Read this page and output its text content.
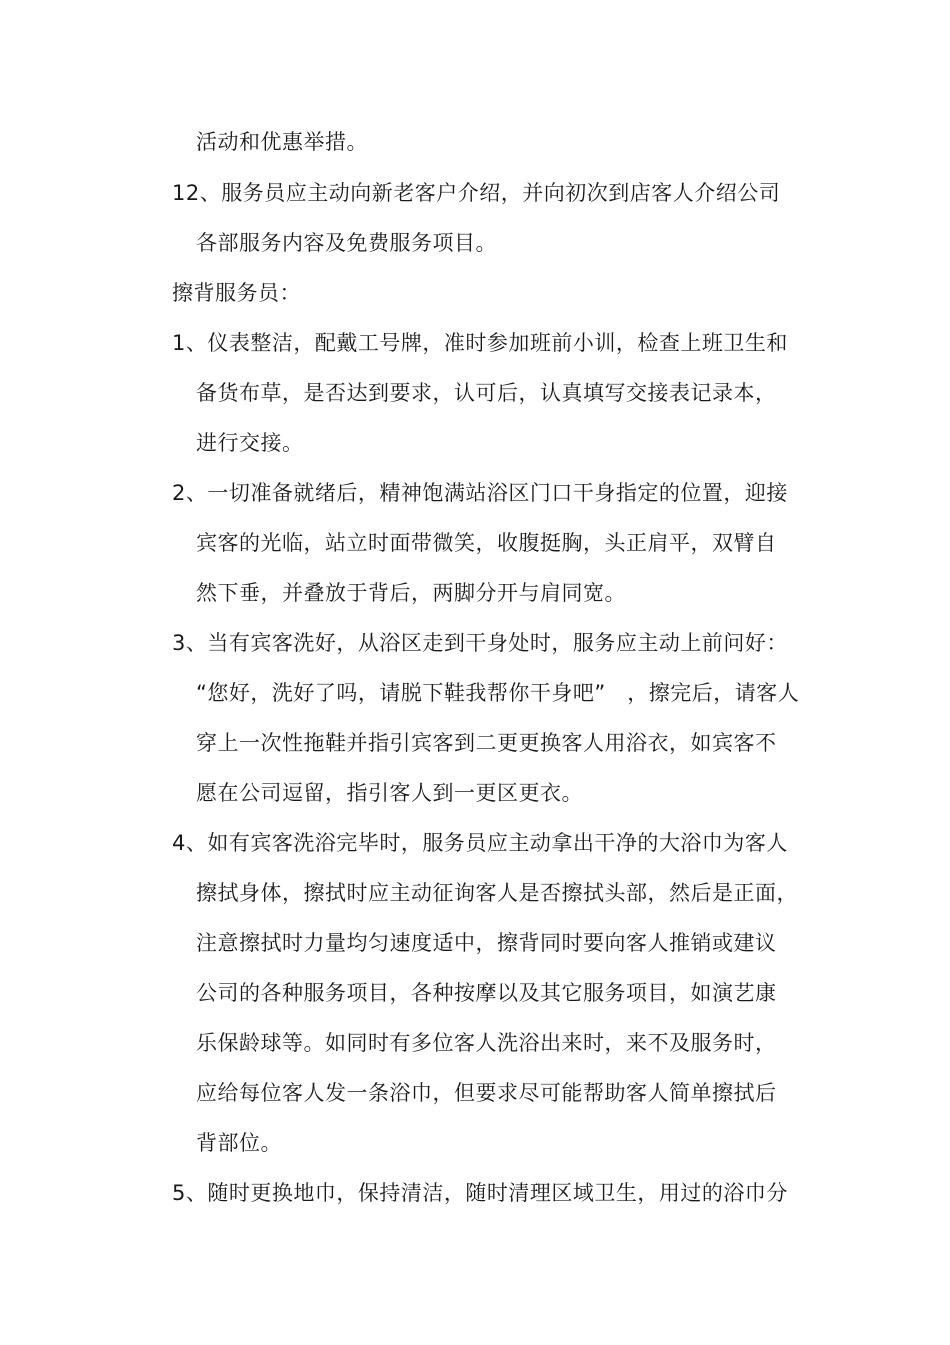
活动和优惠举措。
12、服务员应主动向新老客户介绍，并向初次到店客人介绍公司
各部服务内容及免费服务项目。
擦背服务员：
1、仪表整洁，配戴工号牌，准时参加班前小训，检查上班卫生和
备货布草，是否达到要求，认可后，认真填写交接表记录本，
进行交接。
2、一切准备就绪后，精神饱满站浴区门口干身指定的位置，迎接
宾客的光临，站立时面带微笑，收腹挺胸，头正肩平，双臂自
然下垂，并叠放于背后，两脚分开与肩同宽。
3、当有宾客洗好，从浴区走到干身处时，服务应主动上前问好：
“您好，洗好了吗，请脱下鞋我帮你干身吧”　，擦完后，请客人
穿上一次性拖鞋并指引宾客到二更更换客人用浴衣，如宾客不
愿在公司逗留，指引客人到一更区更衣。
4、如有宾客洗浴完毕时，服务员应主动拿出干净的大浴巾为客人
擦拭身体，擦拭时应主动征询客人是否擦拭头部，然后是正面，
注意擦拭时力量均匀速度适中，擦背同时要向客人推销或建议
公司的各种服务项目，各种按摩以及其它服务项目，如演艺康
乐保龄球等。如同时有多位客人洗浴出来时，来不及服务时，
应给每位客人发一条浴巾，但要求尽可能帮助客人简单擦拭后
背部位。
5、随时更换地巾，保持清洁，随时清理区域卫生，用过的浴巾分
